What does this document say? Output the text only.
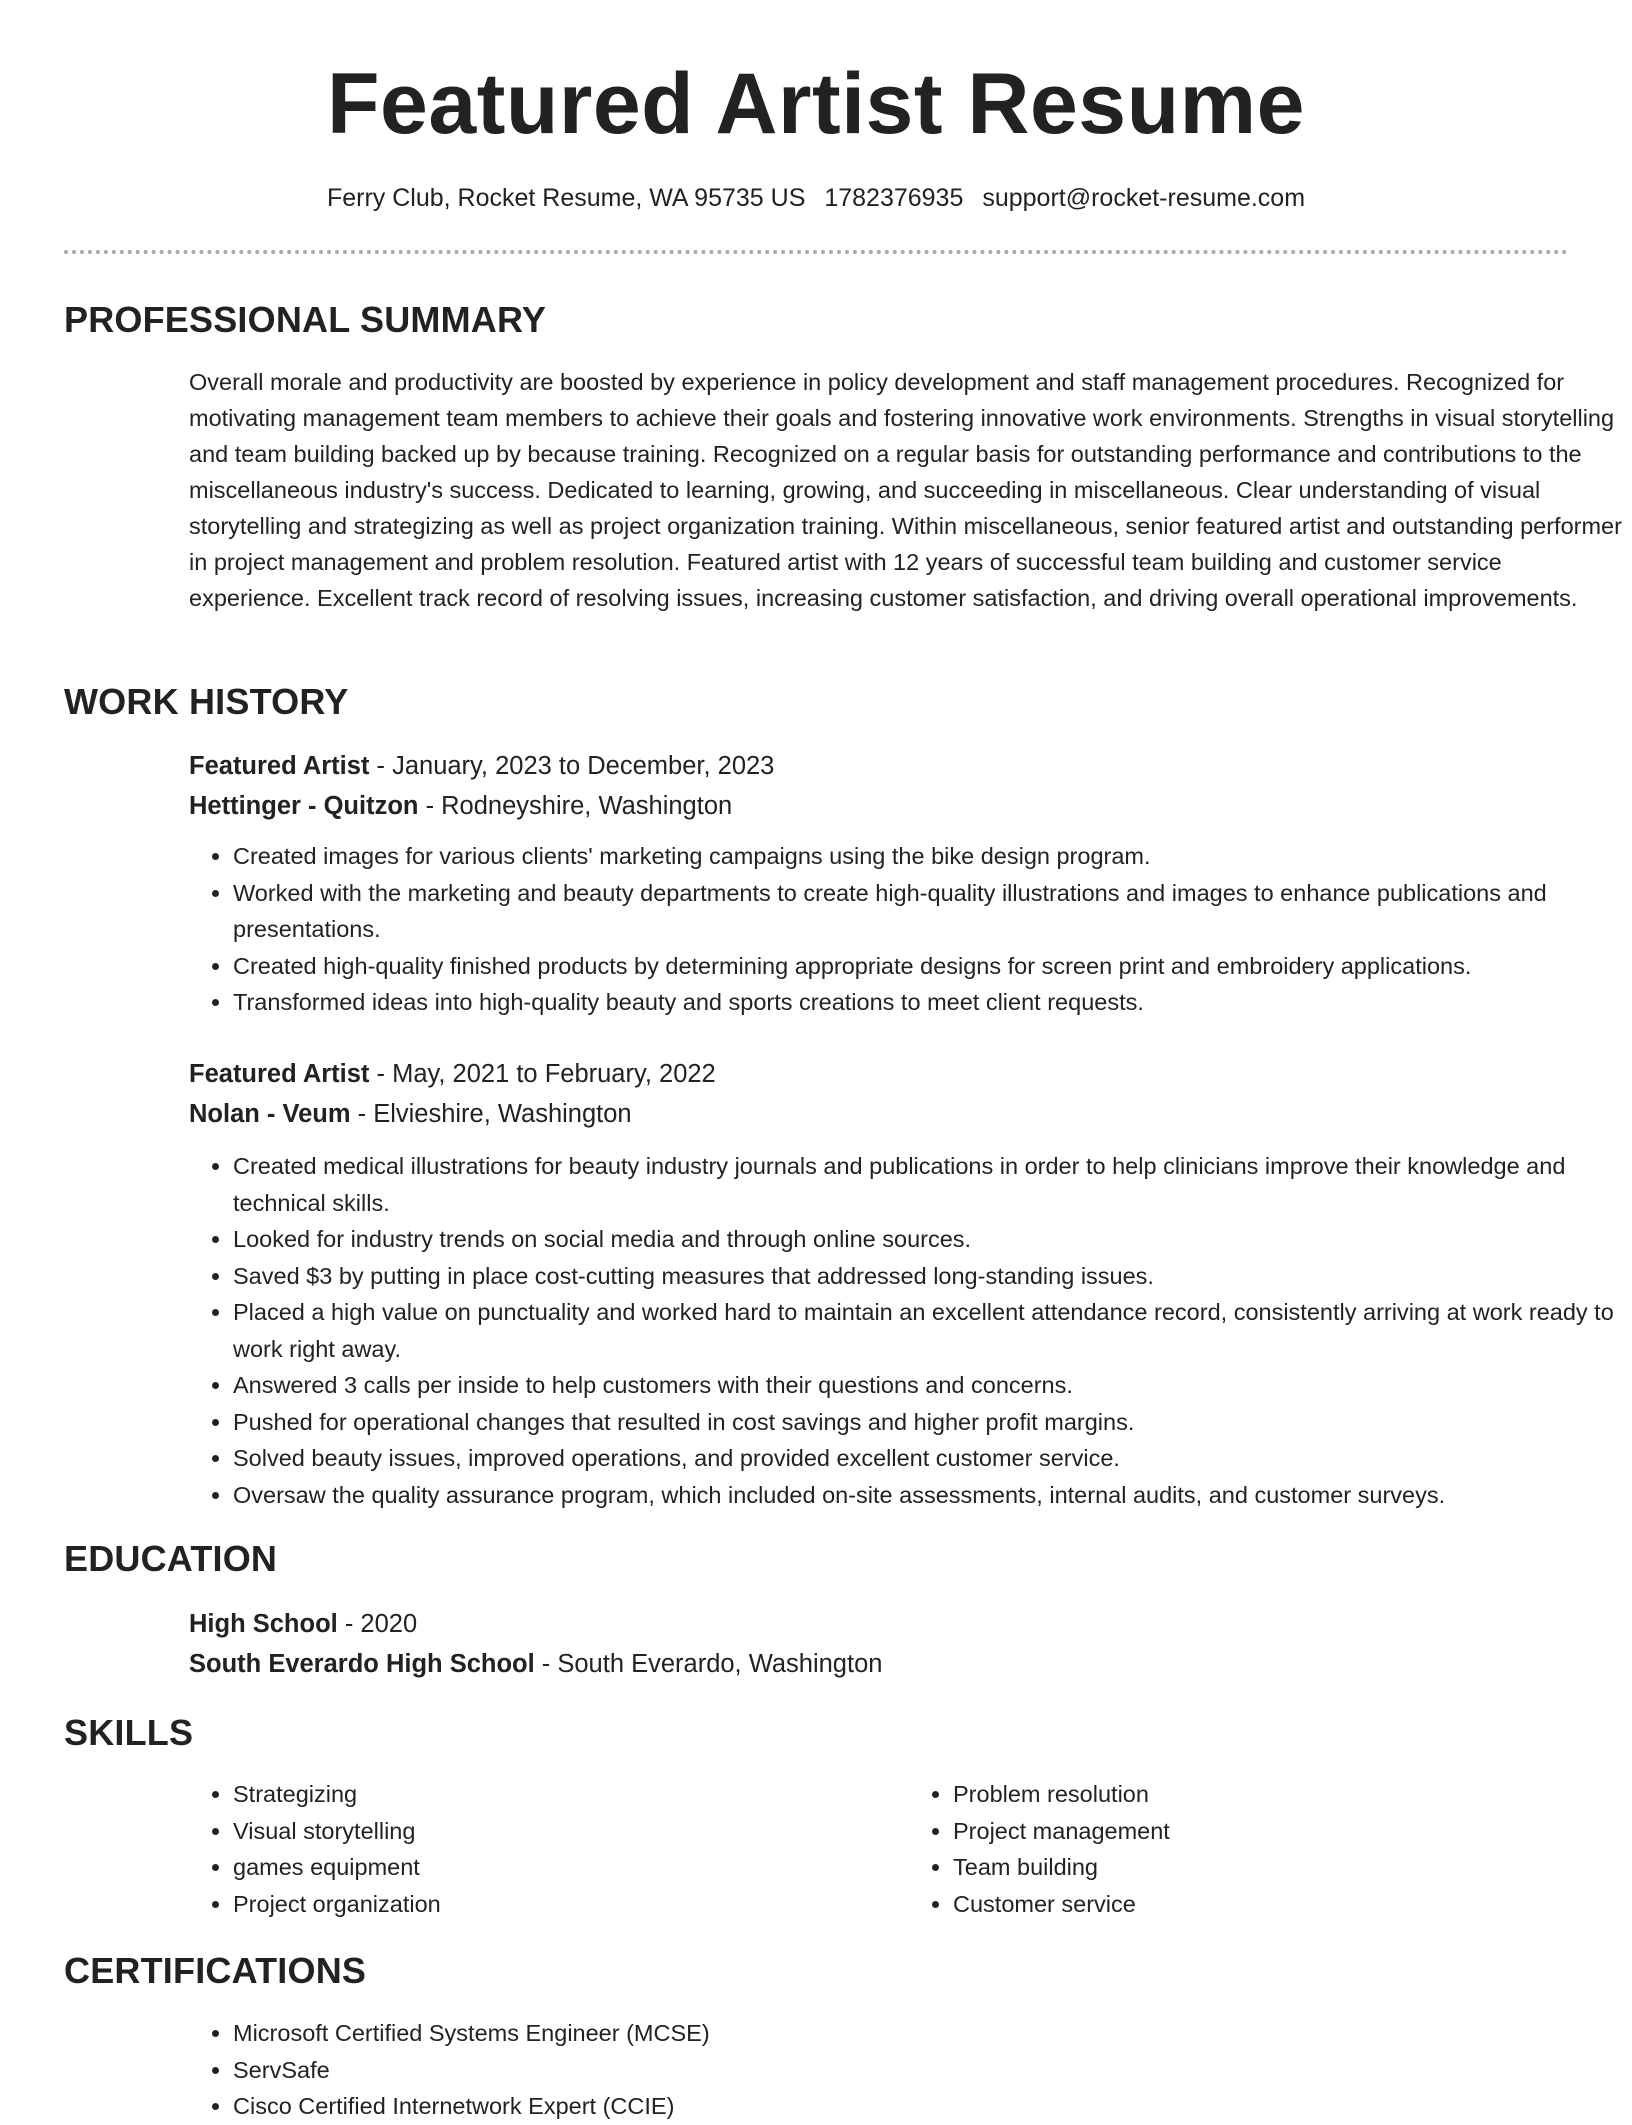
Featured Artist Resume
Ferry Club, Rocket Resume, WA 95735 US 1782376935 support@rocket-resume.com
PROFESSIONAL SUMMARY
Overall morale and productivity are boosted by experience in policy development and staff management procedures. Recognized for motivating management team members to achieve their goals and fostering innovative work environments. Strengths in visual storytelling and team building backed up by because training. Recognized on a regular basis for outstanding performance and contributions to the miscellaneous industry's success. Dedicated to learning, growing, and succeeding in miscellaneous. Clear understanding of visual storytelling and strategizing as well as project organization training. Within miscellaneous, senior featured artist and outstanding performer in project management and problem resolution. Featured artist with 12 years of successful team building and customer service experience. Excellent track record of resolving issues, increasing customer satisfaction, and driving overall operational improvements.
WORK HISTORY
Featured Artist - January, 2023 to December, 2023
Hettinger - Quitzon - Rodneyshire, Washington
• Created images for various clients' marketing campaigns using the bike design program.
• Worked with the marketing and beauty departments to create high-quality illustrations and images to enhance publications and presentations.
• Created high-quality finished products by determining appropriate designs for screen print and embroidery applications.
• Transformed ideas into high-quality beauty and sports creations to meet client requests.
Featured Artist - May, 2021 to February, 2022
Nolan - Veum - Elvieshire, Washington
• Created medical illustrations for beauty industry journals and publications in order to help clinicians improve their knowledge and technical skills.
• Looked for industry trends on social media and through online sources.
• Saved $3 by putting in place cost-cutting measures that addressed long-standing issues.
• Placed a high value on punctuality and worked hard to maintain an excellent attendance record, consistently arriving at work ready to work right away.
• Answered 3 calls per inside to help customers with their questions and concerns.
• Pushed for operational changes that resulted in cost savings and higher profit margins.
• Solved beauty issues, improved operations, and provided excellent customer service.
• Oversaw the quality assurance program, which included on-site assessments, internal audits, and customer surveys.
EDUCATION
High School - 2020
South Everardo High School - South Everardo, Washington
SKILLS
• Strategizing
• Visual storytelling
• games equipment
• Project organization
• Problem resolution
• Project management
• Team building
• Customer service
CERTIFICATIONS
• Microsoft Certified Systems Engineer (MCSE)
• ServSafe
• Cisco Certified Internetwork Expert (CCIE)
